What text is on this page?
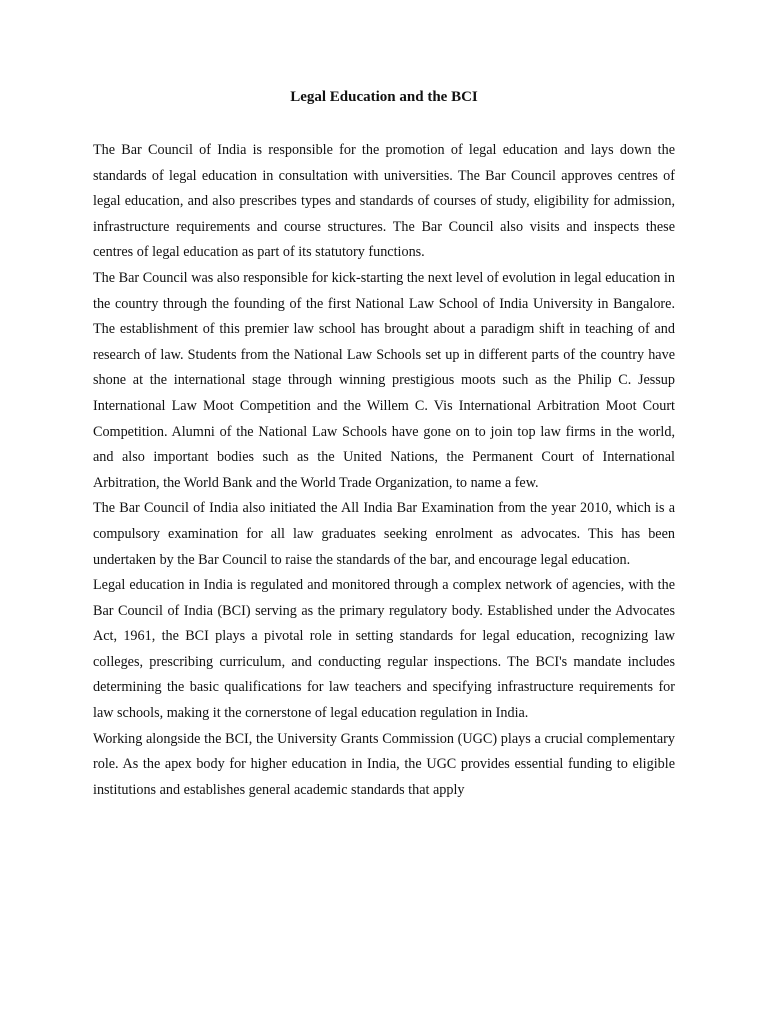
Legal Education and the BCI

The Bar Council of India is responsible for the promotion of legal education and lays down the standards of legal education in consultation with universities. The Bar Council approves centres of legal education, and also prescribes types and standards of courses of study, eligibility for admission, infrastructure requirements and course structures. The Bar Council also visits and inspects these centres of legal education as part of its statutory functions.

The Bar Council was also responsible for kick-starting the next level of evolution in legal education in the country through the founding of the first National Law School of India University in Bangalore. The establishment of this premier law school has brought about a paradigm shift in teaching of and research of law. Students from the National Law Schools set up in different parts of the country have shone at the international stage through winning prestigious moots such as the Philip C. Jessup International Law Moot Competition and the Willem C. Vis International Arbitration Moot Court Competition. Alumni of the National Law Schools have gone on to join top law firms in the world, and also important bodies such as the United Nations, the Permanent Court of International Arbitration, the World Bank and the World Trade Organization, to name a few.

The Bar Council of India also initiated the All India Bar Examination from the year 2010, which is a compulsory examination for all law graduates seeking enrolment as advocates. This has been undertaken by the Bar Council to raise the standards of the bar, and encourage legal education.

Legal education in India is regulated and monitored through a complex network of agencies, with the Bar Council of India (BCI) serving as the primary regulatory body. Established under the Advocates Act, 1961, the BCI plays a pivotal role in setting standards for legal education, recognizing law colleges, prescribing curriculum, and conducting regular inspections. The BCI's mandate includes determining the basic qualifications for law teachers and specifying infrastructure requirements for law schools, making it the cornerstone of legal education regulation in India.

Working alongside the BCI, the University Grants Commission (UGC) plays a crucial complementary role. As the apex body for higher education in India, the UGC provides essential funding to eligible institutions and establishes general academic standards that apply
